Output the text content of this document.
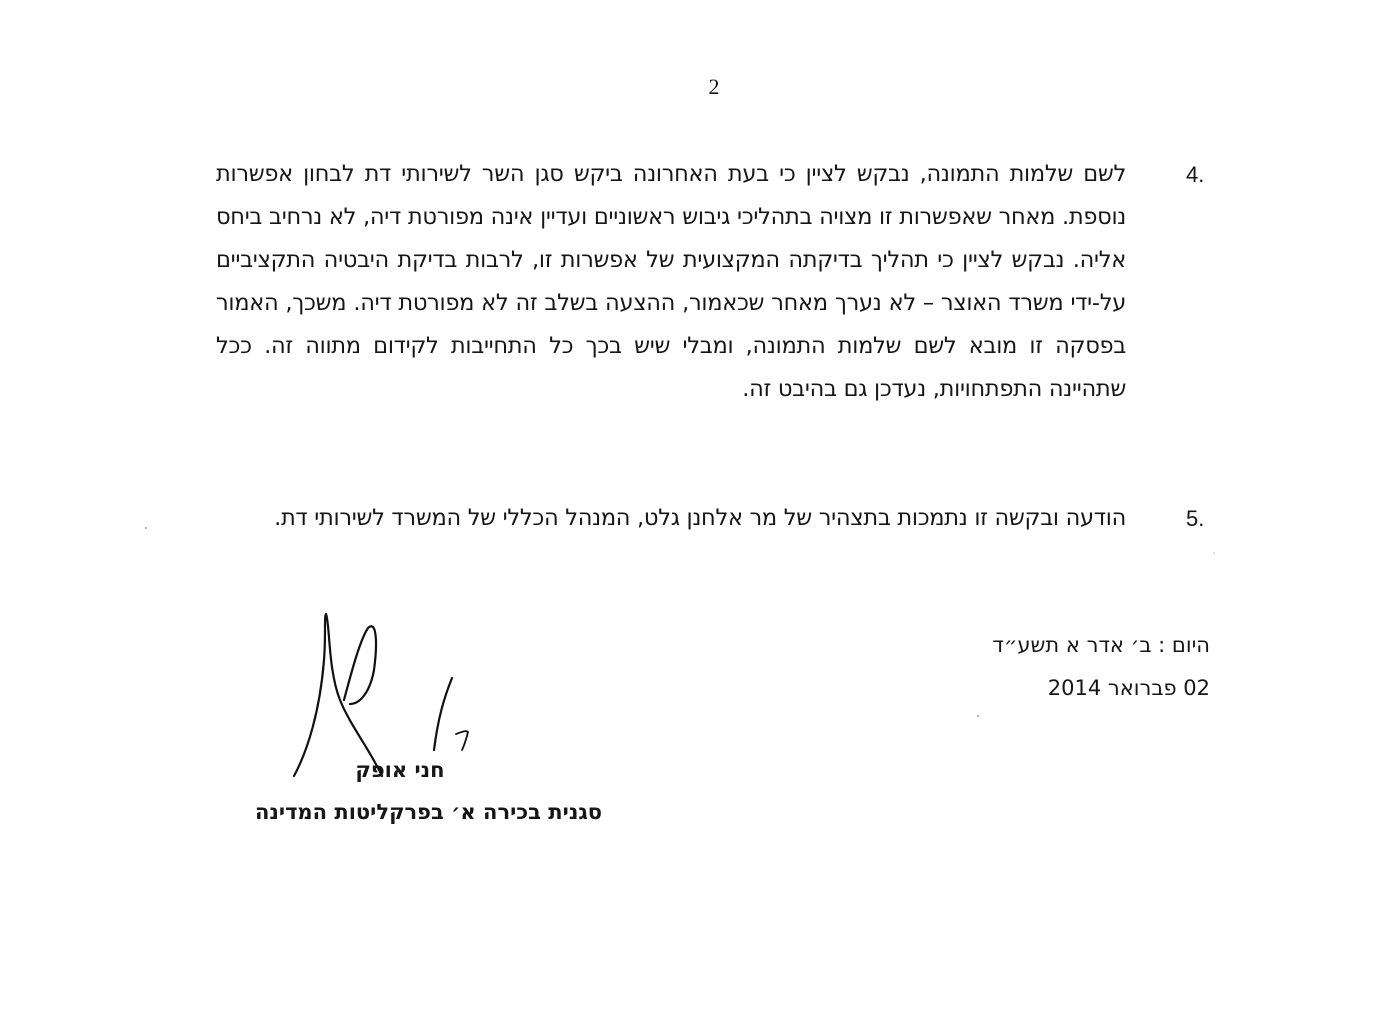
2
4.

לשם שלמות התמונה, נבקש לציין כי בעת האחרונה ביקש סגן השר לשירותי דת לבחון אפשרות נוספת. מאחר שאפשרות זו מצויה בתהליכי גיבוש ראשוניים ועדיין אינה מפורטת דיה, לא נרחיב ביחס אליה. נבקש לציין כי תהליך בדיקתה המקצועית של אפשרות זו, לרבות בדיקת היבטיה התקציביים על-ידי משרד האוצר – לא נערך מאחר שכאמור, ההצעה בשלב זה לא מפורטת דיה. משכך, האמור בפסקה זו מובא לשם שלמות התמונה, ומבלי שיש בכך כל התחייבות לקידום מתווה זה. ככל שתהיינה התפתחויות, נעדכן גם בהיבט זה.

5.

הודעה ובקשה זו נתמכות בתצהיר של מר אלחנן גלט, המנהל הכללי של המשרד לשירותי דת.

היום : ב׳ אדר א תשע״ד
02 פברואר 2014
חני אופק
סגנית בכירה א׳ בפרקליטות המדינה
